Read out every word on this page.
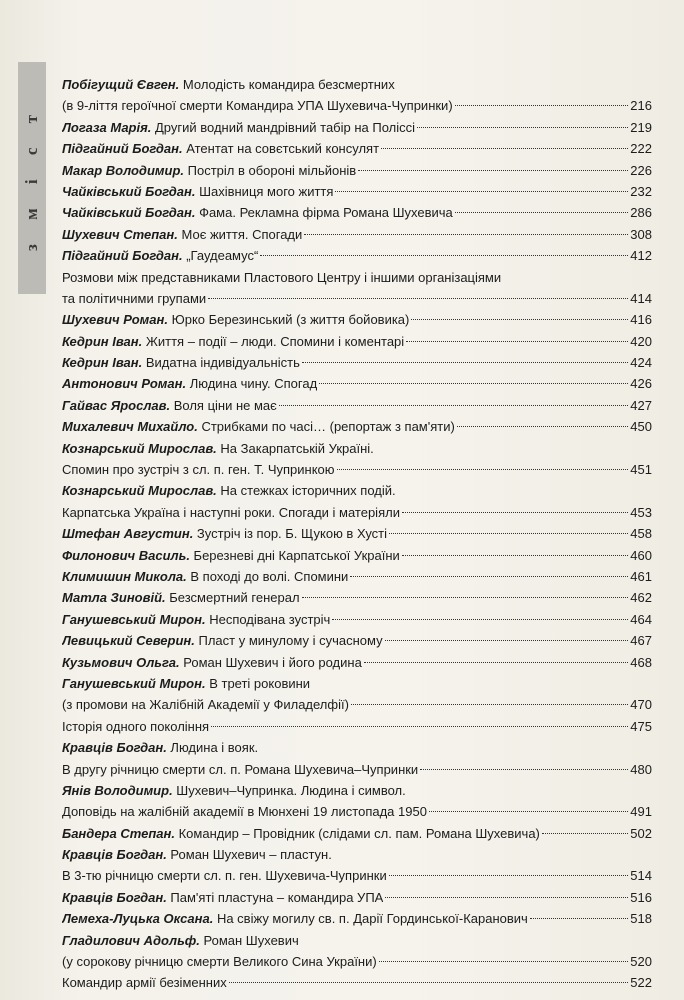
з м і с т
Побігущий Євген. Молодість командира безсмертних
(в 9-ліття героїчної смерти Командира УПА Шухевича-Чупринки)	216
Логаза Марія. Другий водний мандрівний табір на Поліссі	219
Підгайний Богдан. Атентат на совєтський консулят	222
Макар Володимир. Постріл в обороні мільйонів	226
Чайківський Богдан. Шахівниця мого життя	232
Чайківський Богдан. Фама. Рекламна фірма Романа Шухевича	286
Шухевич Степан. Моє життя. Спогади	308
Підгайний Богдан. „Гаудеамус“	412
Розмови між представниками Пластового Центру і іншими організаціями
та політичними групами	414
Шухевич Роман. Юрко Березинський (з життя бойовика)	416
Кедрин Іван. Життя – події – люди. Спомини і коментарі	420
Кедрин Іван. Видатна індивідуальність	424
Антонович Роман. Людина чину. Спогад	426
Гайвас Ярослав. Воля ціни не має	427
Михалевич Михайло. Стрибками по часі… (репортаж з пам'яти)	450
Кознарський Мирослав. На Закарпатській Україні.
Спомин про зустріч з сл. п. ген. Т. Чупринкою	451
Кознарський Мирослав. На стежках історичних подій.
Карпатська Україна і наступні роки. Спогади і матеріяли	453
Штефан Августин. Зустріч із пор. Б. Щукою в Хусті	458
Филонович Василь. Березневі дні Карпатської України	460
Климишин Микола. В поході до волі. Спомини	461
Матла Зиновій. Безсмертний генерал	462
Ганушевський Мирон. Несподівана зустріч	464
Левицький Северин. Пласт у минулому і сучасному	467
Кузьмович Ольга. Роман Шухевич і його родина	468
Ганушевський Мирон. В треті роковини
(з промови на Жалібній Академії у Филаделфії)	470
Історія одного покоління	475
Кравців Богдан. Людина і вояк.
В другу річницю смерти сл. п. Романа Шухевича–Чупринки	480
Янів Володимир. Шухевич–Чупринка. Людина і символ.
Доповідь на жалібній академії в Мюнхені 19 листопада 1950	491
Бандера Степан. Командир – Провідник (слідами сл. пам. Романа Шухевича)	502
Кравців Богдан. Роман Шухевич – пластун.
В 3-тю річницю смерти сл. п. ген. Шухевича-Чупринки	514
Кравців Богдан. Пам'яті пластуна – командира УПА	516
Лемеха-Луцька Оксана. На свіжу могилу св. п. Дарії Гординської-Каранович	518
Гладилович Адольф. Роман Шухевич
(у сорокову річницю смерти Великого Сина України)	520
Командир армії безіменних	522
